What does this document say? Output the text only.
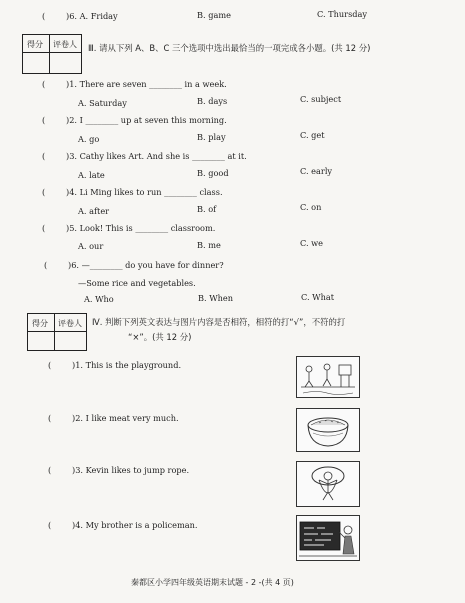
(	)6. A. Friday	B. game	C. Thursday
得分 评卷人 Ⅲ. 请从下列 A、B、C 三个选项中选出最恰当的一项完成各小题。(共 12 分)
(	)1. There are seven ________ in a week.
A. Saturday	B. days	C. subject
(	)2. I ________ up at seven this morning.
A. go	B. play	C. get
(	)3. Cathy likes Art. And she is ________ at it.
A. late	B. good	C. early
(	)4. Li Ming likes to run ________ class.
A. after	B. of	C. on
(	)5. Look! This is ________ classroom.
A. our	B. me	C. we
(	)6. —________ do you have for dinner?
—Some rice and vegetables.
A. Who	B. When	C. What
得分 评卷人 Ⅳ. 判断下列英文表达与图片内容是否相符，相符的打“√”，不符的打
“×”。(共 12 分)
(	)1. This is the playground.
(	)2. I like meat very much.
(	)3. Kevin likes to jump rope.
(	)4. My brother is a policeman.
秦都区小学四年级英语期末试题 - 2 -(共 4 页)
